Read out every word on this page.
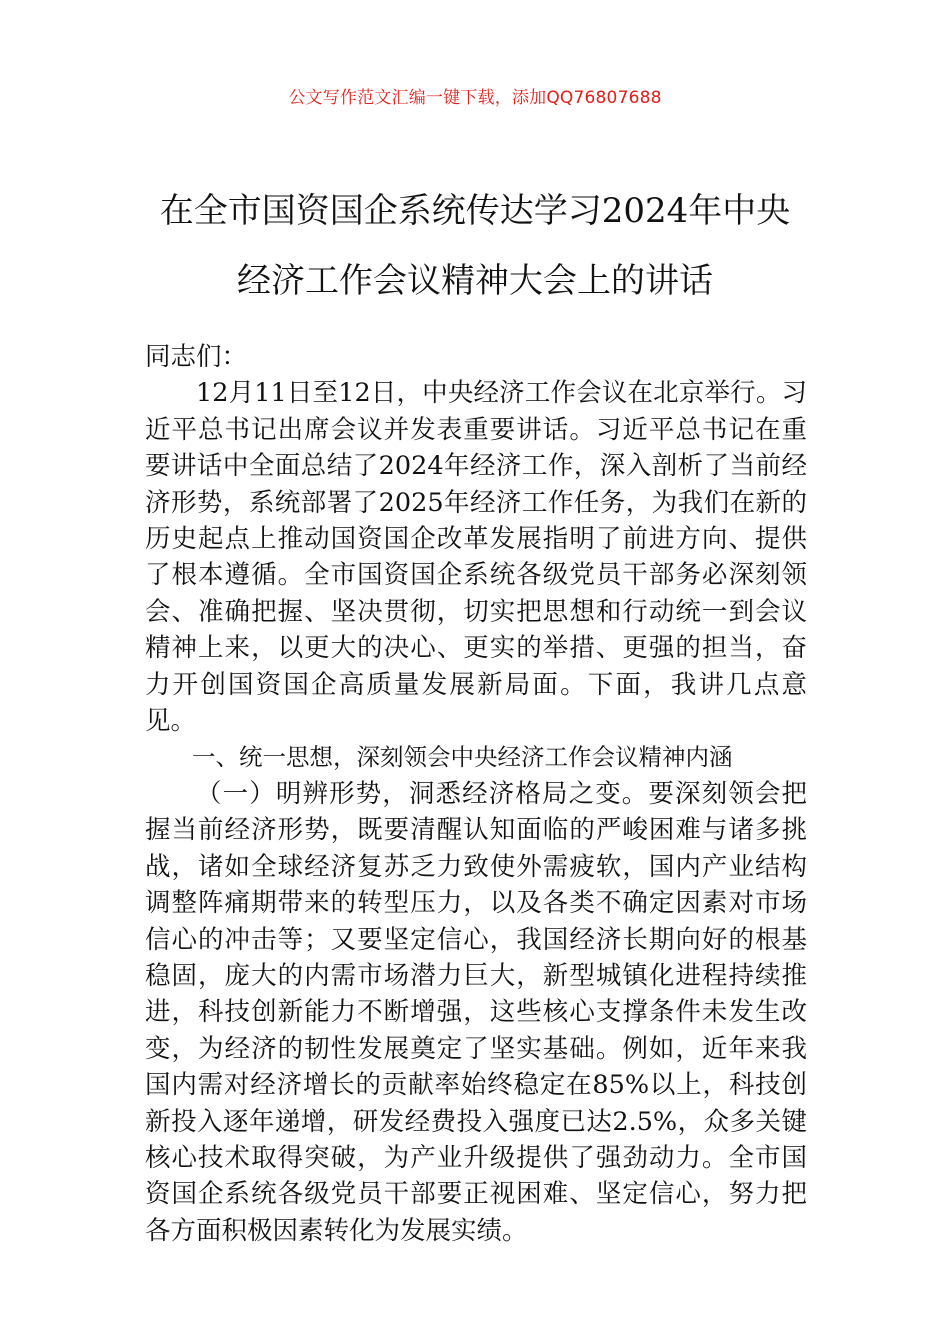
公文写作范文汇编一键下载，添加QQ76807688
在全市国资国企系统传达学习2024年中央
经济工作会议精神大会上的讲话

同志们：

12月11日至12日，中央经济工作会议在北京举行。习近平总书记出席会议并发表重要讲话。习近平总书记在重要讲话中全面总结了2024年经济工作，深入剖析了当前经济形势，系统部署了2025年经济工作任务，为我们在新的历史起点上推动国资国企改革发展指明了前进方向、提供了根本遵循。全市国资国企系统各级党员干部务必深刻领会、准确把握、坚决贯彻，切实把思想和行动统一到会议精神上来，以更大的决心、更实的举措、更强的担当，奋力开创国资国企高质量发展新局面。下面，我讲几点意见。

一、统一思想，深刻领会中央经济工作会议精神内涵

（一）明辨形势，洞悉经济格局之变。要深刻领会把握当前经济形势，既要清醒认知面临的严峻困难与诸多挑战，诸如全球经济复苏乏力致使外需疲软，国内产业结构调整阵痛期带来的转型压力，以及各类不确定因素对市场信心的冲击等；又要坚定信心，我国经济长期向好的根基稳固，庞大的内需市场潜力巨大，新型城镇化进程持续推进，科技创新能力不断增强，这些核心支撑条件未发生改变，为经济的韧性发展奠定了坚实基础。例如，近年来我国内需对经济增长的贡献率始终稳定在85%以上，科技创新投入逐年递增，研发经费投入强度已达2.5%，众多关键核心技术取得突破，为产业升级提供了强劲动力。全市国资国企系统各级党员干部要正视困难、坚定信心，努力把各方面积极因素转化为发展实绩。
